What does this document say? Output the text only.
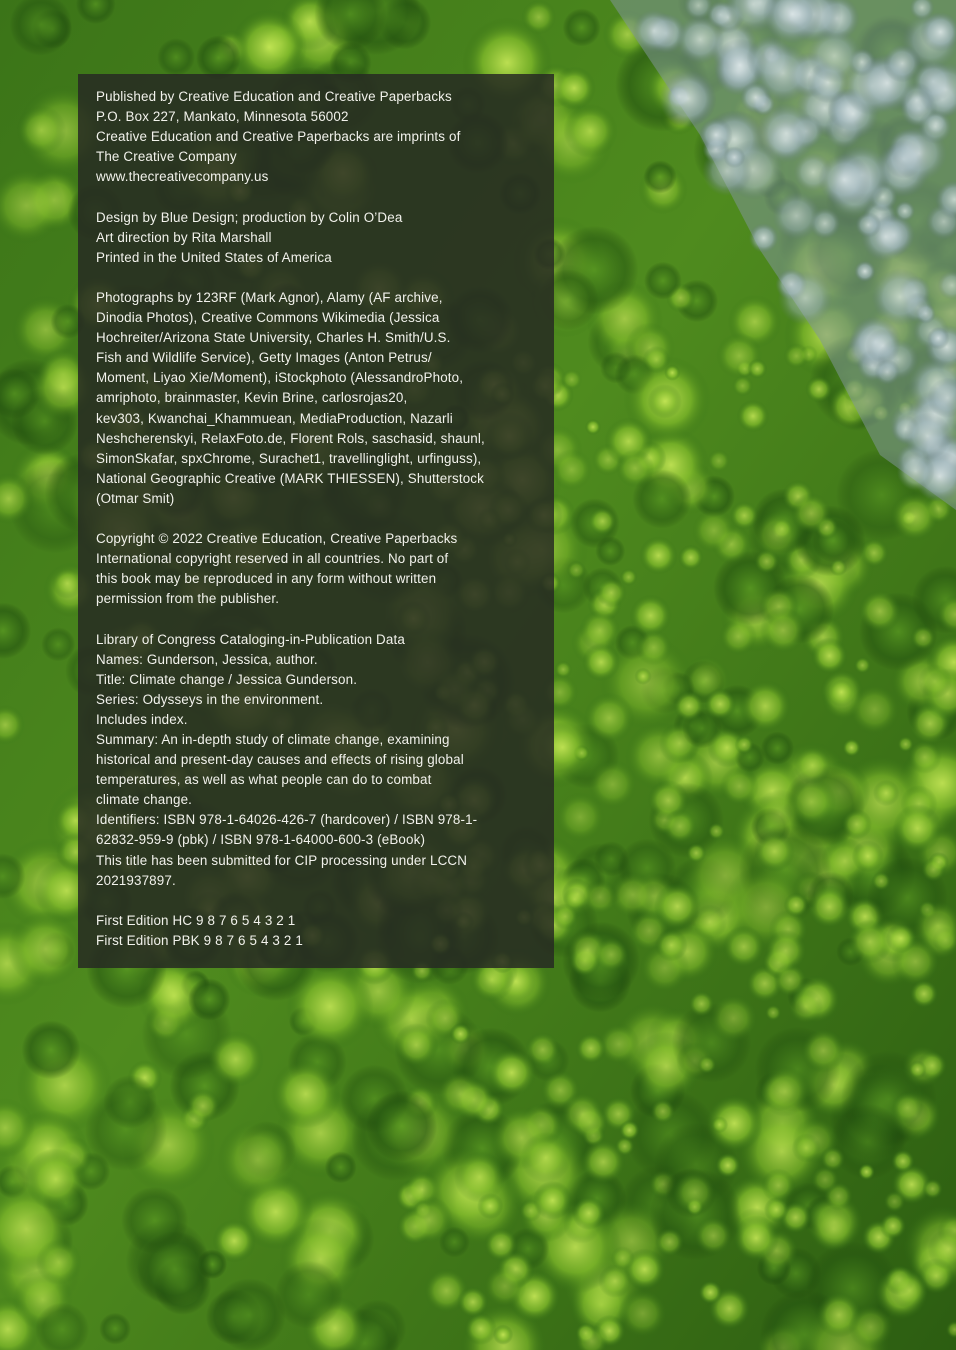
Published by Creative Education and Creative Paperbacks
P.O. Box 227, Mankato, Minnesota 56002
Creative Education and Creative Paperbacks are imprints of
The Creative Company
www.thecreativecompany.us
Design by Blue Design; production by Colin O’Dea
Art direction by Rita Marshall
Printed in the United States of America
Photographs by 123RF (Mark Agnor), Alamy (AF archive,
Dinodia Photos), Creative Commons Wikimedia (Jessica
Hochreiter/Arizona State University, Charles H. Smith/U.S.
Fish and Wildlife Service), Getty Images (Anton Petrus/
Moment, Liyao Xie/Moment), iStockphoto (AlessandroPhoto,
amriphoto, brainmaster, Kevin Brine, carlosrojas20,
kev303, Kwanchai_Khammuean, MediaProduction, Nazarli
Neshcherenskyi, RelaxFoto.de, Florent Rols, saschasid, shaunl,
SimonSkafar, spxChrome, Surachet1, travellinglight, urfinguss),
National Geographic Creative (MARK THIESSEN), Shutterstock
(Otmar Smit)
Copyright © 2022 Creative Education, Creative Paperbacks
International copyright reserved in all countries. No part of
this book may be reproduced in any form without written
permission from the publisher.
Library of Congress Cataloging-in-Publication Data
Names: Gunderson, Jessica, author.
Title: Climate change / Jessica Gunderson.
Series: Odysseys in the environment.
Includes index.
Summary: An in-depth study of climate change, examining
historical and present-day causes and effects of rising global
temperatures, as well as what people can do to combat
climate change.
Identifiers: ISBN 978-1-64026-426-7 (hardcover) / ISBN 978-1-
62832-959-9 (pbk) / ISBN 978-1-64000-600-3 (eBook)
This title has been submitted for CIP processing under LCCN
2021937897.
First Edition HC 9 8 7 6 5 4 3 2 1
First Edition PBK 9 8 7 6 5 4 3 2 1
